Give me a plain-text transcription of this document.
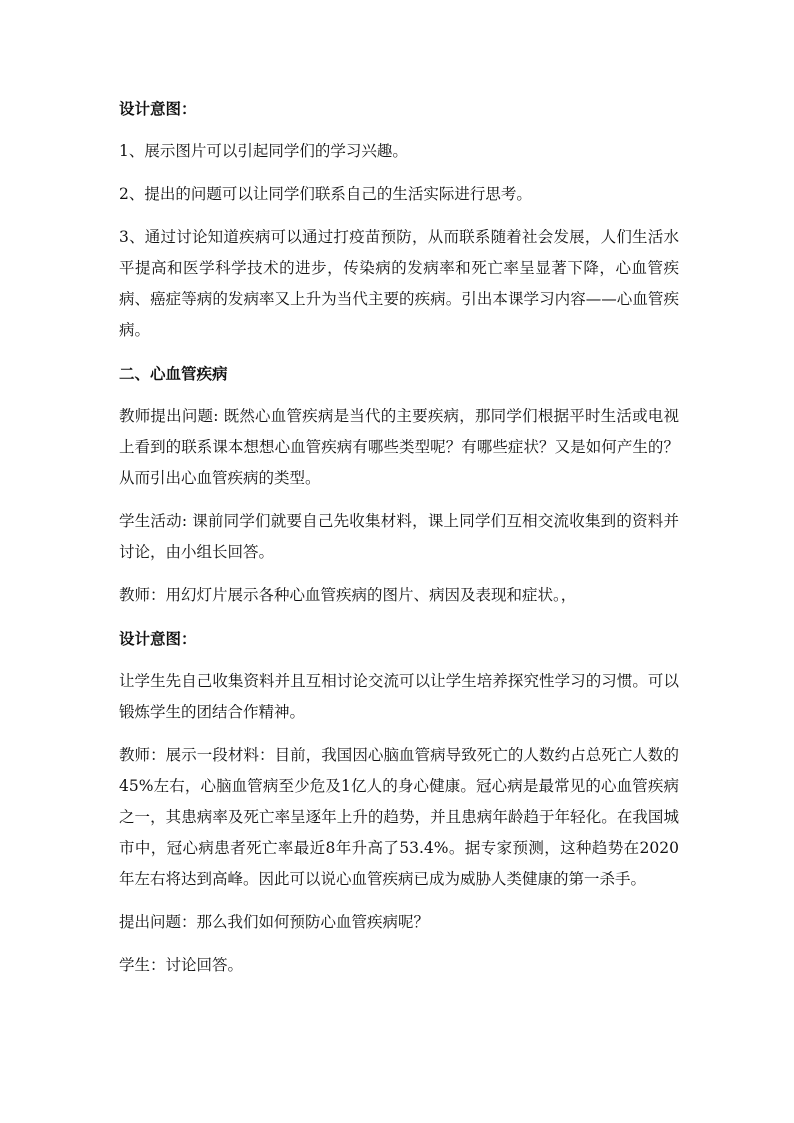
设计意图：

1、展示图片可以引起同学们的学习兴趣。

2、提出的问题可以让同学们联系自己的生活实际进行思考。

3、通过讨论知道疾病可以通过打疫苗预防，从而联系随着社会发展，人们生活水平提高和医学科学技术的进步，传染病的发病率和死亡率呈显著下降，心血管疾病、癌症等病的发病率又上升为当代主要的疾病。引出本课学习内容——心血管疾病。

二、心血管疾病

教师提出问题: 既然心血管疾病是当代的主要疾病，那同学们根据平时生活或电视上看到的联系课本想想心血管疾病有哪些类型呢？有哪些症状？又是如何产生的？从而引出心血管疾病的类型。

学生活动: 课前同学们就要自己先收集材料，课上同学们互相交流收集到的资料并讨论，由小组长回答。

教师：用幻灯片展示各种心血管疾病的图片、病因及表现和症状。，

设计意图：

让学生先自己收集资料并且互相讨论交流可以让学生培养探究性学习的习惯。可以锻炼学生的团结合作精神。

教师：展示一段材料：目前，我国因心脑血管病导致死亡的人数约占总死亡人数的45%左右，心脑血管病至少危及1亿人的身心健康。冠心病是最常见的心血管疾病之一，其患病率及死亡率呈逐年上升的趋势，并且患病年龄趋于年轻化。在我国城市中，冠心病患者死亡率最近8年升高了53.4%。据专家预测，这种趋势在2020年左右将达到高峰。因此可以说心血管疾病已成为威胁人类健康的第一杀手。

提出问题：那么我们如何预防心血管疾病呢？

学生：讨论回答。
